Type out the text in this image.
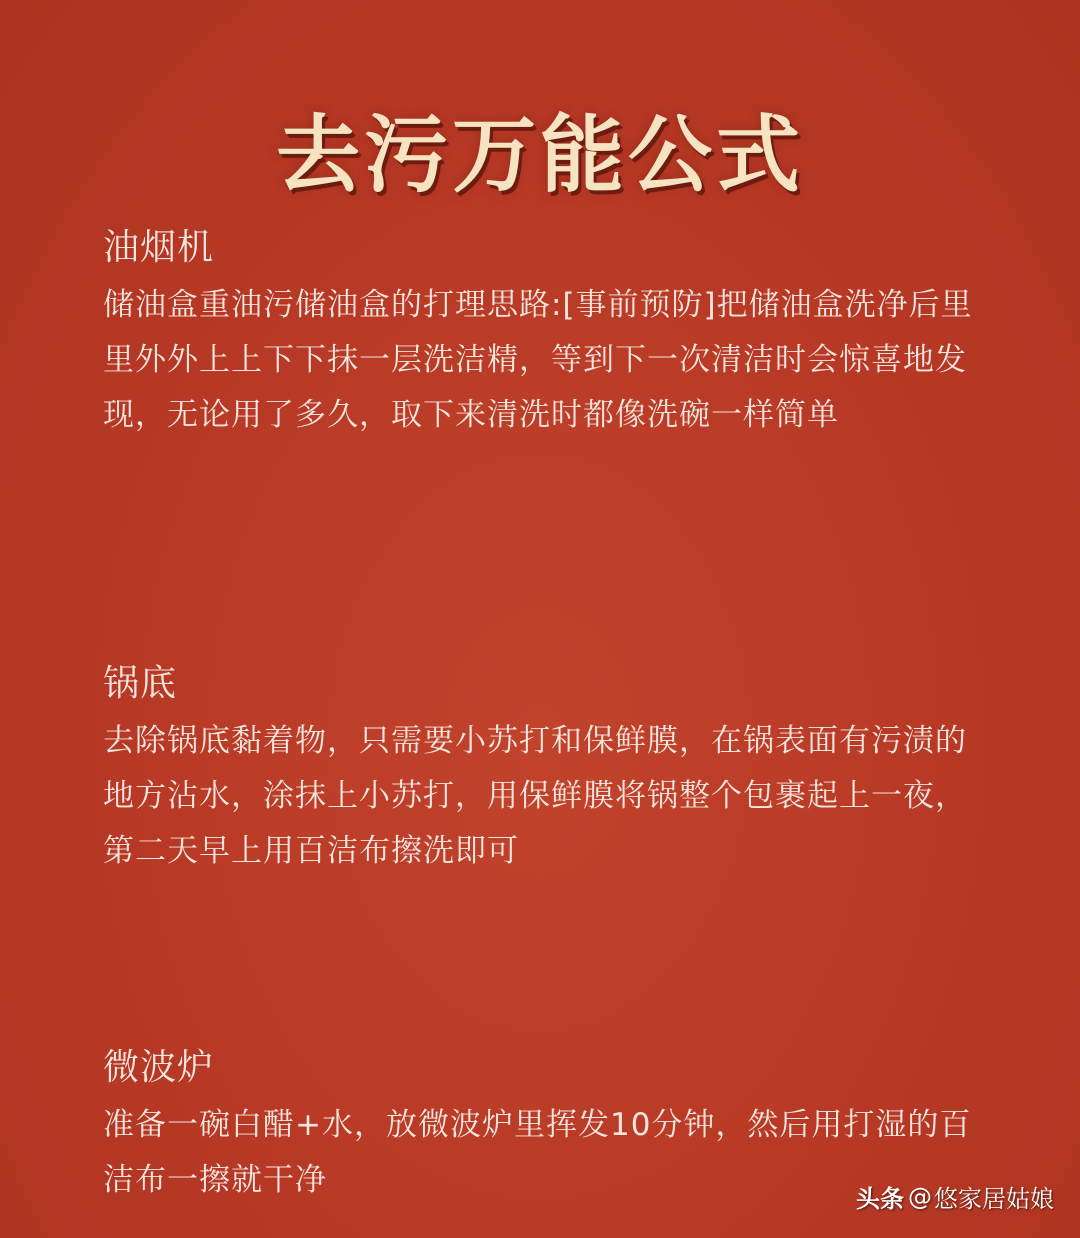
去污万能公式
油烟机

储油盒重油污储油盒的打理思路:[事前预防]把储油盒洗净后里里外外上上下下抹一层洗洁精，等到下一次清洁时会惊喜地发现，无论用了多久，取下来清洗时都像洗碗一样简单

锅底

去除锅底黏着物，只需要小苏打和保鲜膜，在锅表面有污渍的地方沾水，涂抹上小苏打，用保鲜膜将锅整个包裹起上一夜，第二天早上用百洁布擦洗即可

微波炉

准备一碗白醋+水，放微波炉里挥发10分钟，然后用打湿的百洁布一擦就干净

头条 @ 悠家居姑娘
